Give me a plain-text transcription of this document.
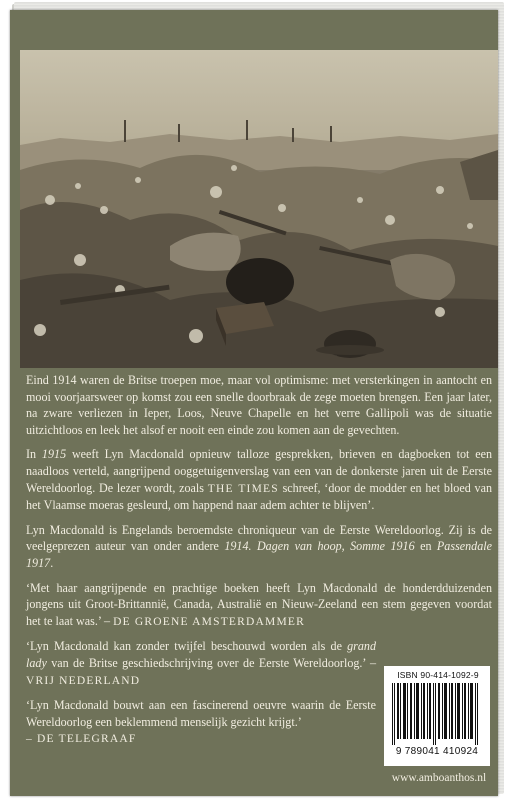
Eind 1914 waren de Britse troepen moe, maar vol optimisme: met versterkingen in aantocht en mooi voorjaarsweer op komst zou een snelle doorbraak de zege moeten brengen. Een jaar later, na zware verliezen in Ieper, Loos, Neuve Chapelle en het verre Gallipoli was de situatie uitzichtloos en leek het alsof er nooit een einde zou komen aan de gevechten.

In 1915 weeft Lyn Macdonald opnieuw talloze gesprekken, brieven en dagboeken tot een naadloos verteld, aangrijpend ooggetuigenverslag van een van de donkerste jaren uit de Eerste Wereldoorlog. De lezer wordt, zoals THE TIMES schreef, ‘door de modder en het bloed van het Vlaamse moeras gesleurd, om happend naar adem achter te blijven’.

Lyn Macdonald is Engelands beroemdste chroniqueur van de Eerste Wereldoorlog. Zij is de veelgeprezen auteur van onder andere 1914. Dagen van hoop, Somme 1916 en Passendale 1917.

‘Met haar aangrijpende en prachtige boeken heeft Lyn Macdonald de honderdduizenden jongens uit Groot-Brittannië, Canada, Australië en Nieuw-Zeeland een stem gegeven voordat het te laat was.’ – DE GROENE AMSTERDAMMER

‘Lyn Macdonald kan zonder twijfel beschouwd worden als de grand lady van de Britse geschiedschrijving over de Eerste Wereldoorlog.’ – VRIJ NEDERLAND

‘Lyn Macdonald bouwt aan een fascinerend oeuvre waarin de Eerste Wereldoorlog een beklemmend menselijk gezicht krijgt.’
– DE TELEGRAAF

ISBN 90-414-1092-9
9 789041 410924
www.amboanthos.nl
